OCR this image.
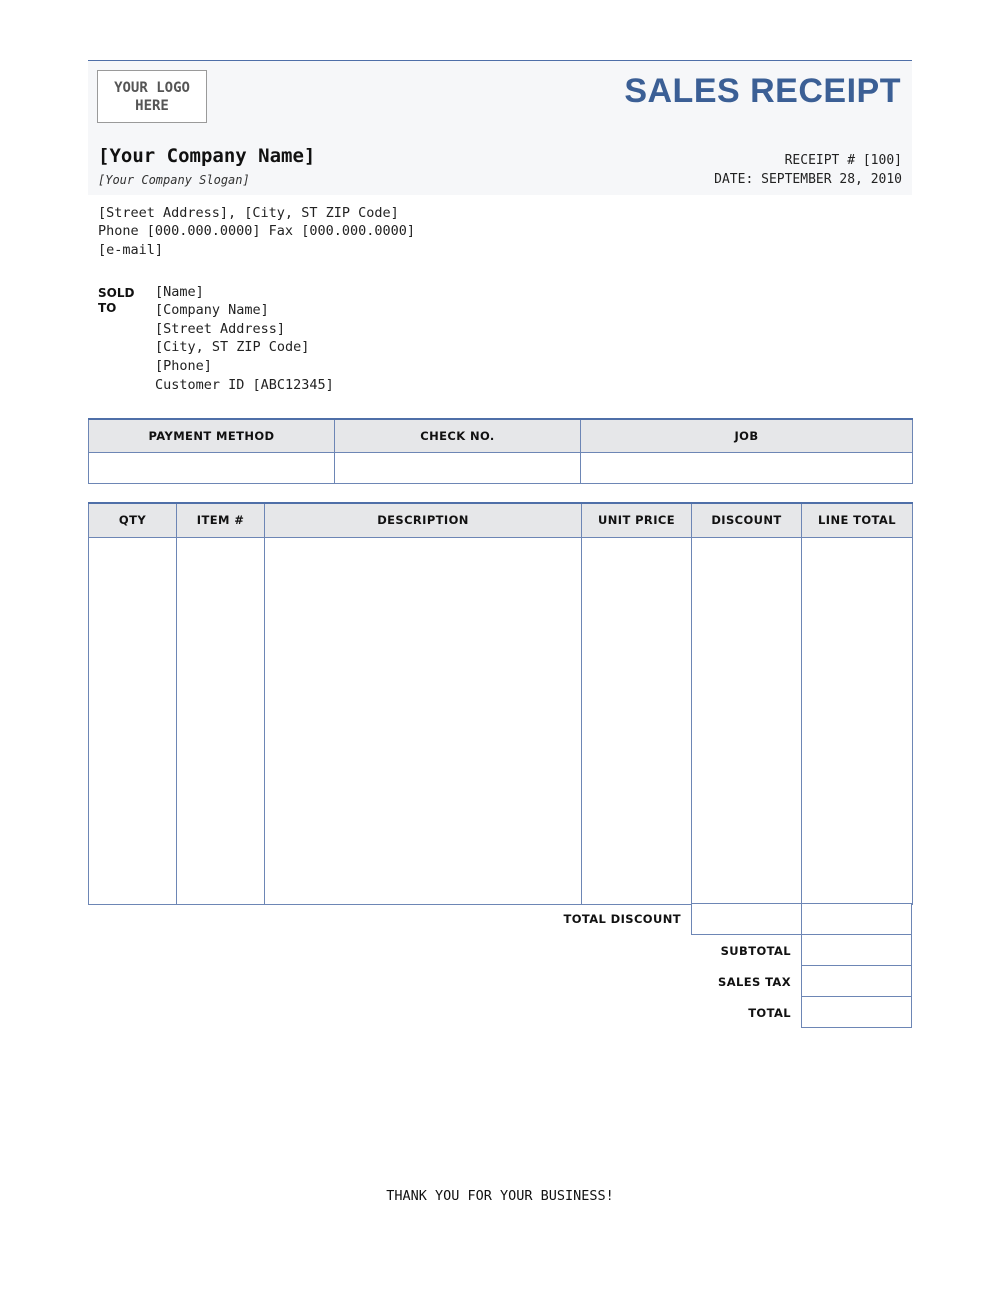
YOUR LOGO
HERE	SALES RECEIPT
[Your Company Name]
[Your Company Slogan]
RECEIPT # [100]
DATE: SEPTEMBER 28, 2010
[Street Address], [City, ST ZIP Code]
Phone [000.000.0000] Fax [000.000.0000]
[e-mail]
SOLD
TO
[Name]
[Company Name]
[Street Address]
[City, ST ZIP Code]
[Phone]
Customer ID [ABC12345]
PAYMENT METHOD	CHECK NO.	JOB

QTY	ITEM #	DESCRIPTION	UNIT PRICE	DISCOUNT	LINE TOTAL

TOTAL DISCOUNT
SUBTOTAL
SALES TAX
TOTAL
THANK YOU FOR YOUR BUSINESS!
